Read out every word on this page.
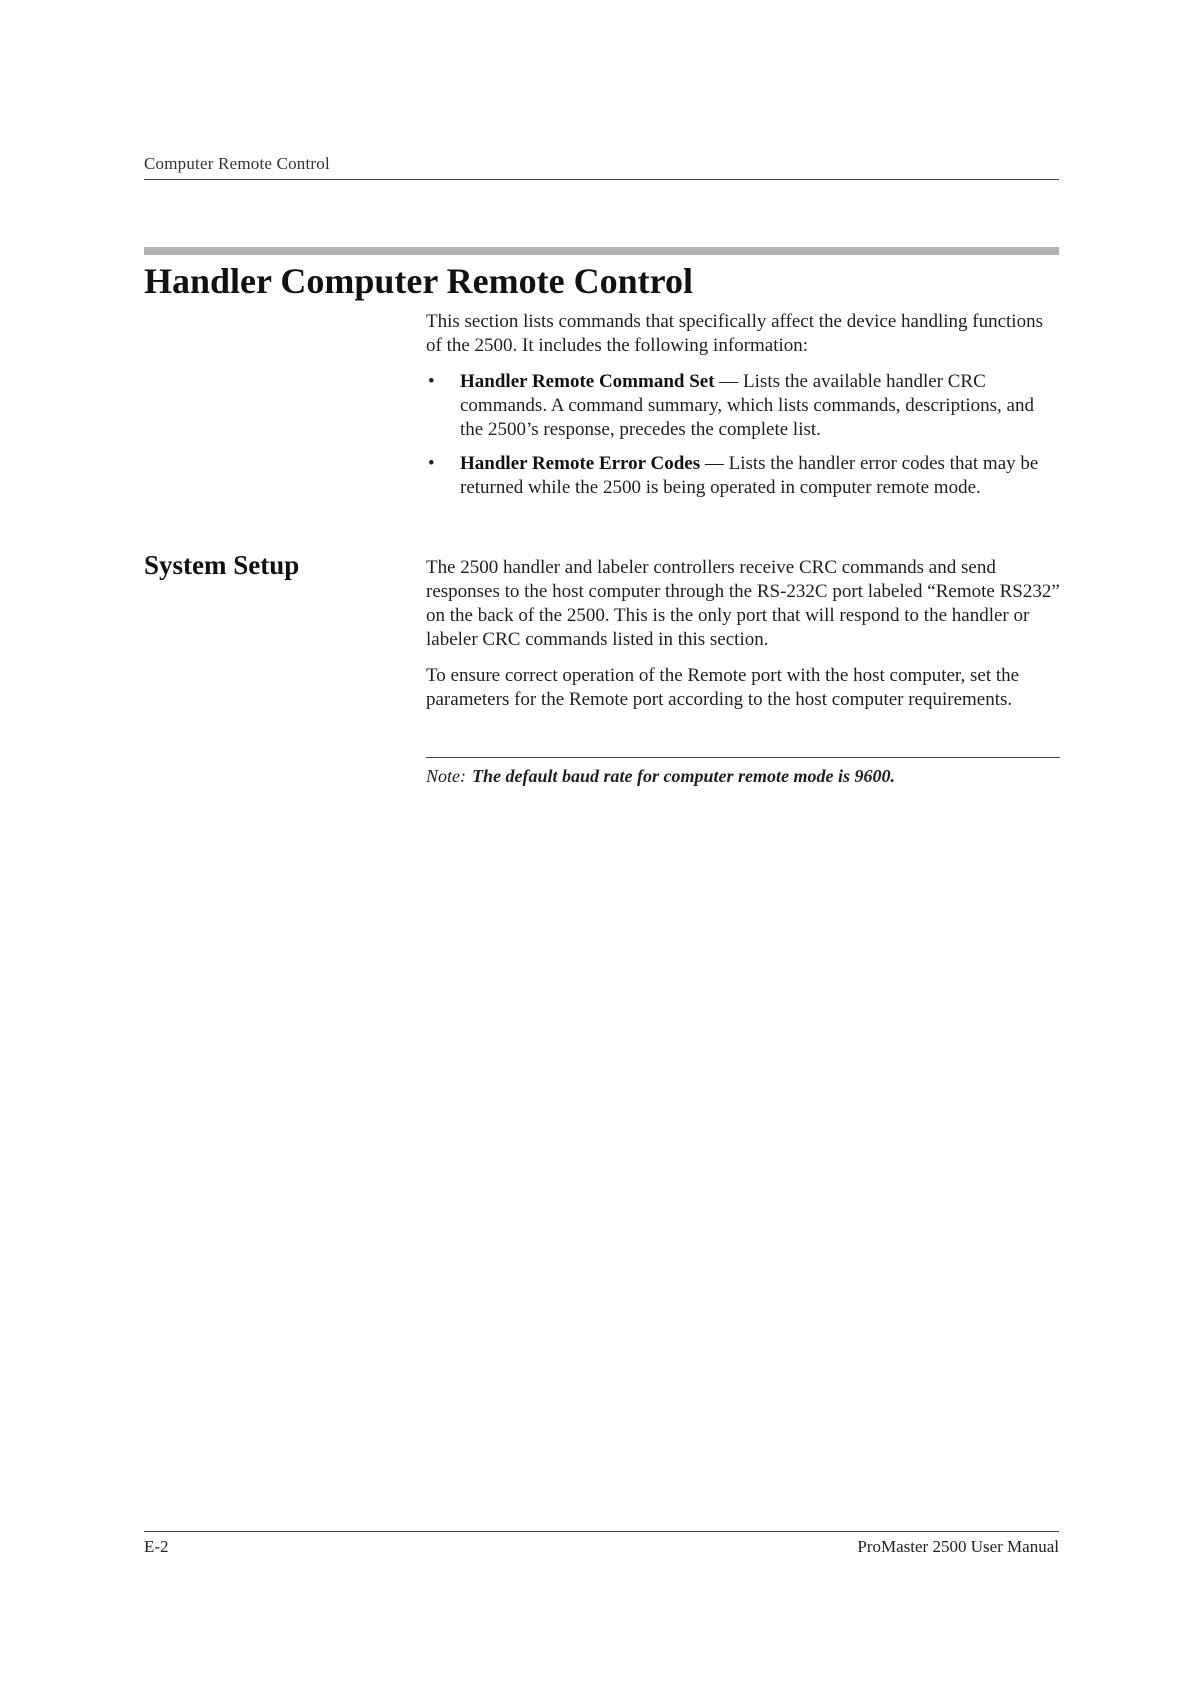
Computer Remote Control
Handler Computer Remote Control

This section lists commands that specifically affect the device handling functions of the 2500. It includes the following information:

• Handler Remote Command Set — Lists the available handler CRC commands. A command summary, which lists commands, descriptions, and the 2500’s response, precedes the complete list.
• Handler Remote Error Codes — Lists the handler error codes that may be returned while the 2500 is being operated in computer remote mode.
System Setup	The 2500 handler and labeler controllers receive CRC commands and send responses to the host computer through the RS-232C port labeled “Remote RS232” on the back of the 2500. This is the only port that will respond to the handler or labeler CRC commands listed in this section.

To ensure correct operation of the Remote port with the host computer, set the parameters for the Remote port according to the host computer requirements.

Note: The default baud rate for computer remote mode is 9600.
E-2	ProMaster 2500 User Manual
